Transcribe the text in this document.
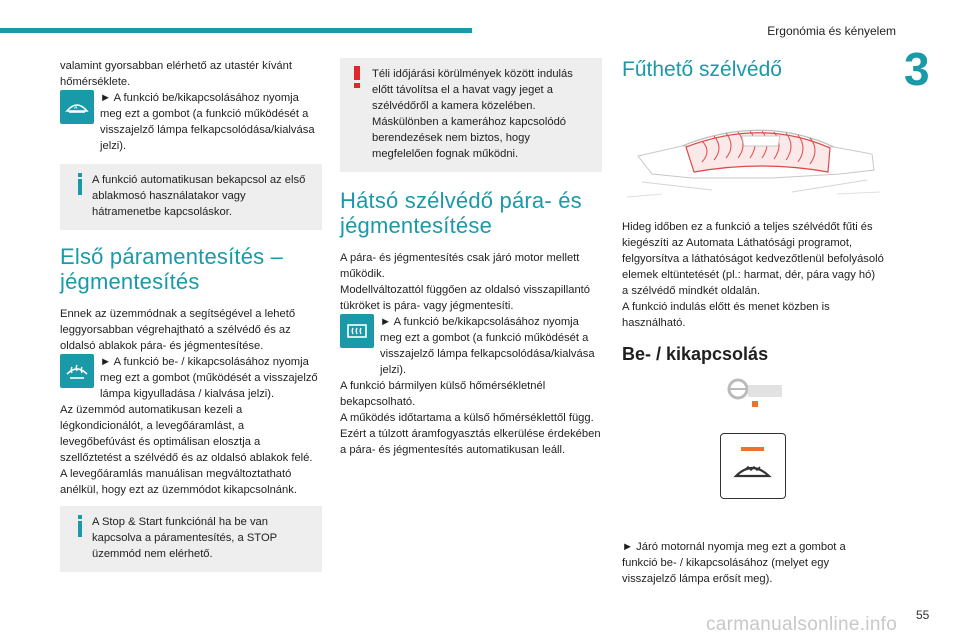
Ergonómia és kényelem
3

valamint gyorsabban elérhető az utastér kívánt hőmérséklete.

A
► A funkció be/kikapcsolásához nyomja meg ezt a gombot (a funkció működését a visszajelző lámpa felkapcsolódása/kialvása jelzi).

A funkció automatikusan bekapcsol az első ablakmosó használatakor vagy hátramenetbe kapcsoláskor.

Első páramentesítés – jégmentesítés

Ennek az üzemmódnak a segítségével a lehető leggyorsabban végrehajtható a szélvédő és az oldalsó ablakok pára- és jégmentesítése.

► A funkció be- / kikapcsolásához nyomja meg ezt a gombot (működését a visszajelző lámpa kigyulladása / kialvása jelzi).

Az üzemmód automatikusan kezeli a légkondicionálót, a levegőáramlást, a levegőbefúvást és optimálisan elosztja a szellőztetést a szélvédő és az oldalsó ablakok felé.

A levegőáramlás manuálisan megváltoztatható anélkül, hogy ezt az üzemmódot kikapcsolnánk.

A Stop & Start funkciónál ha be van kapcsolva a páramentesítés, a STOP üzemmód nem elérhető.

Téli időjárási körülmények között indulás előtt távolítsa el a havat vagy jeget a szélvédőről a kamera közelében. Máskülönben a kamerához kapcsolódó berendezések nem biztos, hogy megfelelően fognak működni.

Hátsó szélvédő pára- és jégmentesítése

A pára- és jégmentesítés csak járó motor mellett működik.

Modellváltozattól függően az oldalsó visszapillantó tükröket is pára- vagy jégmentesíti.

► A funkció be/kikapcsolásához nyomja meg ezt a gombot (a funkció működését a visszajelző lámpa felkapcsolódása/kialvása jelzi).

A funkció bármilyen külső hőmérsékletnél bekapcsolható.

A működés időtartama a külső hőmérséklettől függ.

Ezért a túlzott áramfogyasztás elkerülése érdekében a pára- és jégmentesítés automatikusan leáll.

Fűthető szélvédő

Hideg időben ez a funkció a teljes szélvédőt fűti és kiegészíti az Automata Láthatósági programot, felgyorsítva a láthatóságot kedvezőtlenül befolyásoló elemek eltüntetését (pl.: harmat, dér, pára vagy hó) a szélvédő mindkét oldalán.

A funkció indulás előtt és menet közben is használható.

Be- / kikapcsolás

► Járó motornál nyomja meg ezt a gombot a funkció be- / kikapcsolásához (melyet egy visszajelző lámpa erősít meg).

55
carmanualsonline.info
